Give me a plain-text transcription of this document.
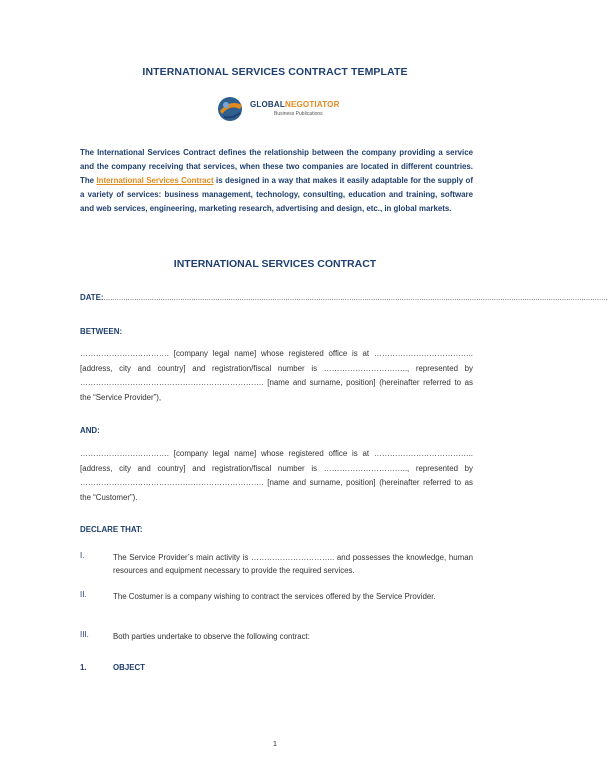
INTERNATIONAL SERVICES CONTRACT TEMPLATE
GLOBALNEGOTIATOR
Business Publications
The International Services Contract defines the relationship between the company providing a service and the company receiving that services, when these two companies are located in different countries. The International Services Contract is designed in a way that makes it easily adaptable for the supply of a variety of services: business management, technology, consulting, education and training, software and web services, engineering, marketing research, advertising and design, etc., in global markets.
INTERNATIONAL SERVICES CONTRACT
DATE:......................................................................................................................................................................................................................................
BETWEEN:
……………………………. [company legal name] whose registered office is at ……………………………….. [address, city and country] and registration/fiscal number is ………………………….., represented by ……………………………………………………………. [name and surname, position] (hereinafter referred to as the “Service Provider”),
AND:
……………………………. [company legal name] whose registered office is at ……………………………….. [address, city and country] and registration/fiscal number is ………………………….., represented by ……………………………………………………………. [name and surname, position] (hereinafter referred to as the “Customer”).
DECLARE THAT:
I.	The Service Provider’s main activity is ………………………….. and possesses the knowledge, human resources and equipment necessary to provide the required services.
II.	The Costumer is a company wishing to contract the services offered by the Service Provider.
III.	Both parties undertake to observe the following contract:
1.	OBJECT
1
